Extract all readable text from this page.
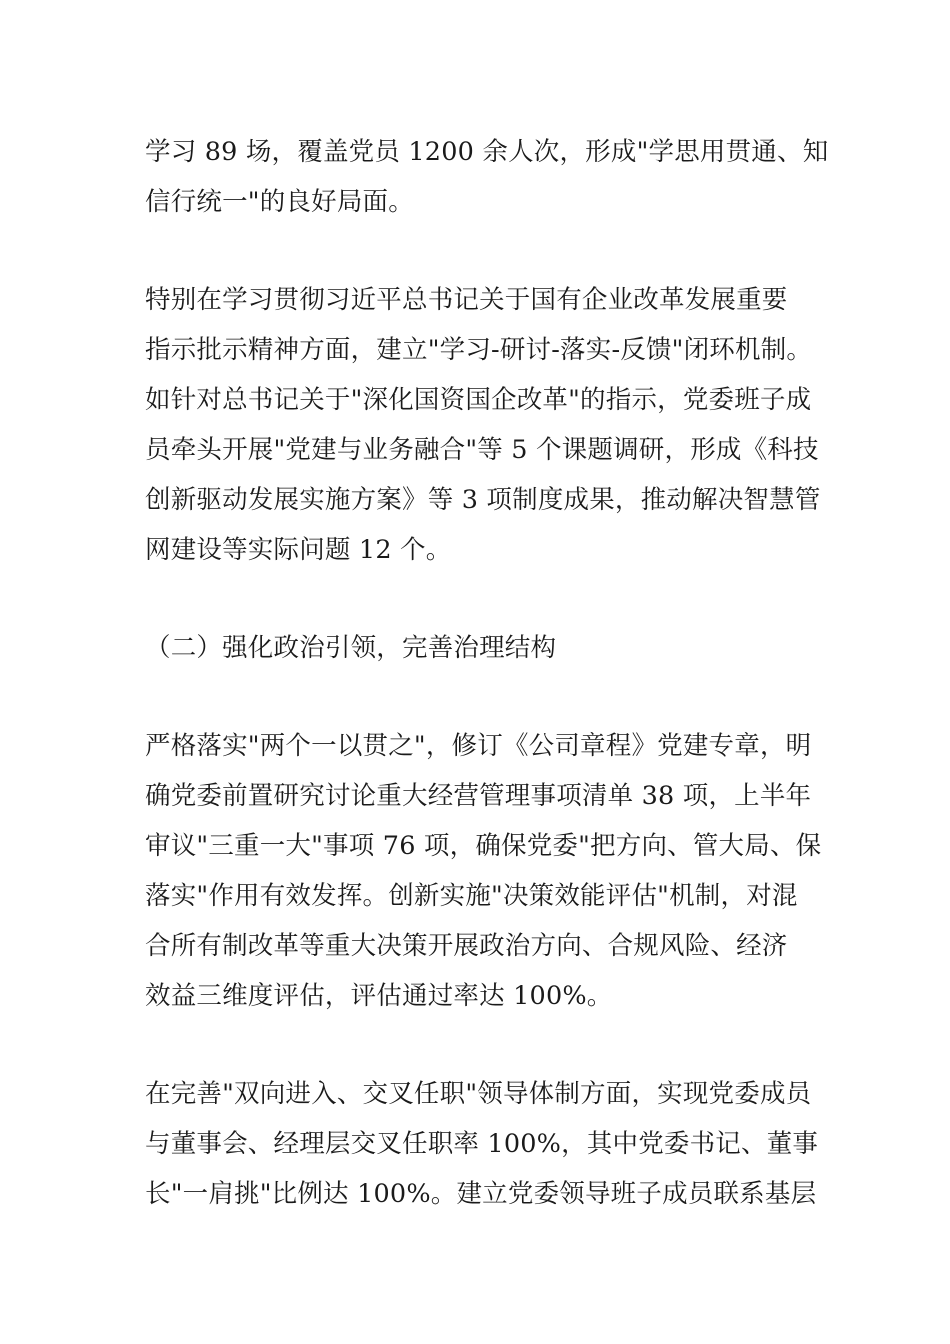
学习 89 场，覆盖党员 1200 余人次，形成"学思用贯通、知
信行统一"的良好局面。
特别在学习贯彻习近平总书记关于国有企业改革发展重要
指示批示精神方面，建立"学习-研讨-落实-反馈"闭环机制。
如针对总书记关于"深化国资国企改革"的指示，党委班子成
员牵头开展"党建与业务融合"等 5 个课题调研，形成《科技
创新驱动发展实施方案》等 3 项制度成果，推动解决智慧管
网建设等实际问题 12 个。
（二）强化政治引领，完善治理结构
严格落实"两个一以贯之"，修订《公司章程》党建专章，明
确党委前置研究讨论重大经营管理事项清单 38 项，上半年
审议"三重一大"事项 76 项，确保党委"把方向、管大局、保
落实"作用有效发挥。创新实施"决策效能评估"机制，对混
合所有制改革等重大决策开展政治方向、合规风险、经济
效益三维度评估，评估通过率达 100%。
在完善"双向进入、交叉任职"领导体制方面，实现党委成员
与董事会、经理层交叉任职率 100%，其中党委书记、董事
长"一肩挑"比例达 100%。建立党委领导班子成员联系基层
